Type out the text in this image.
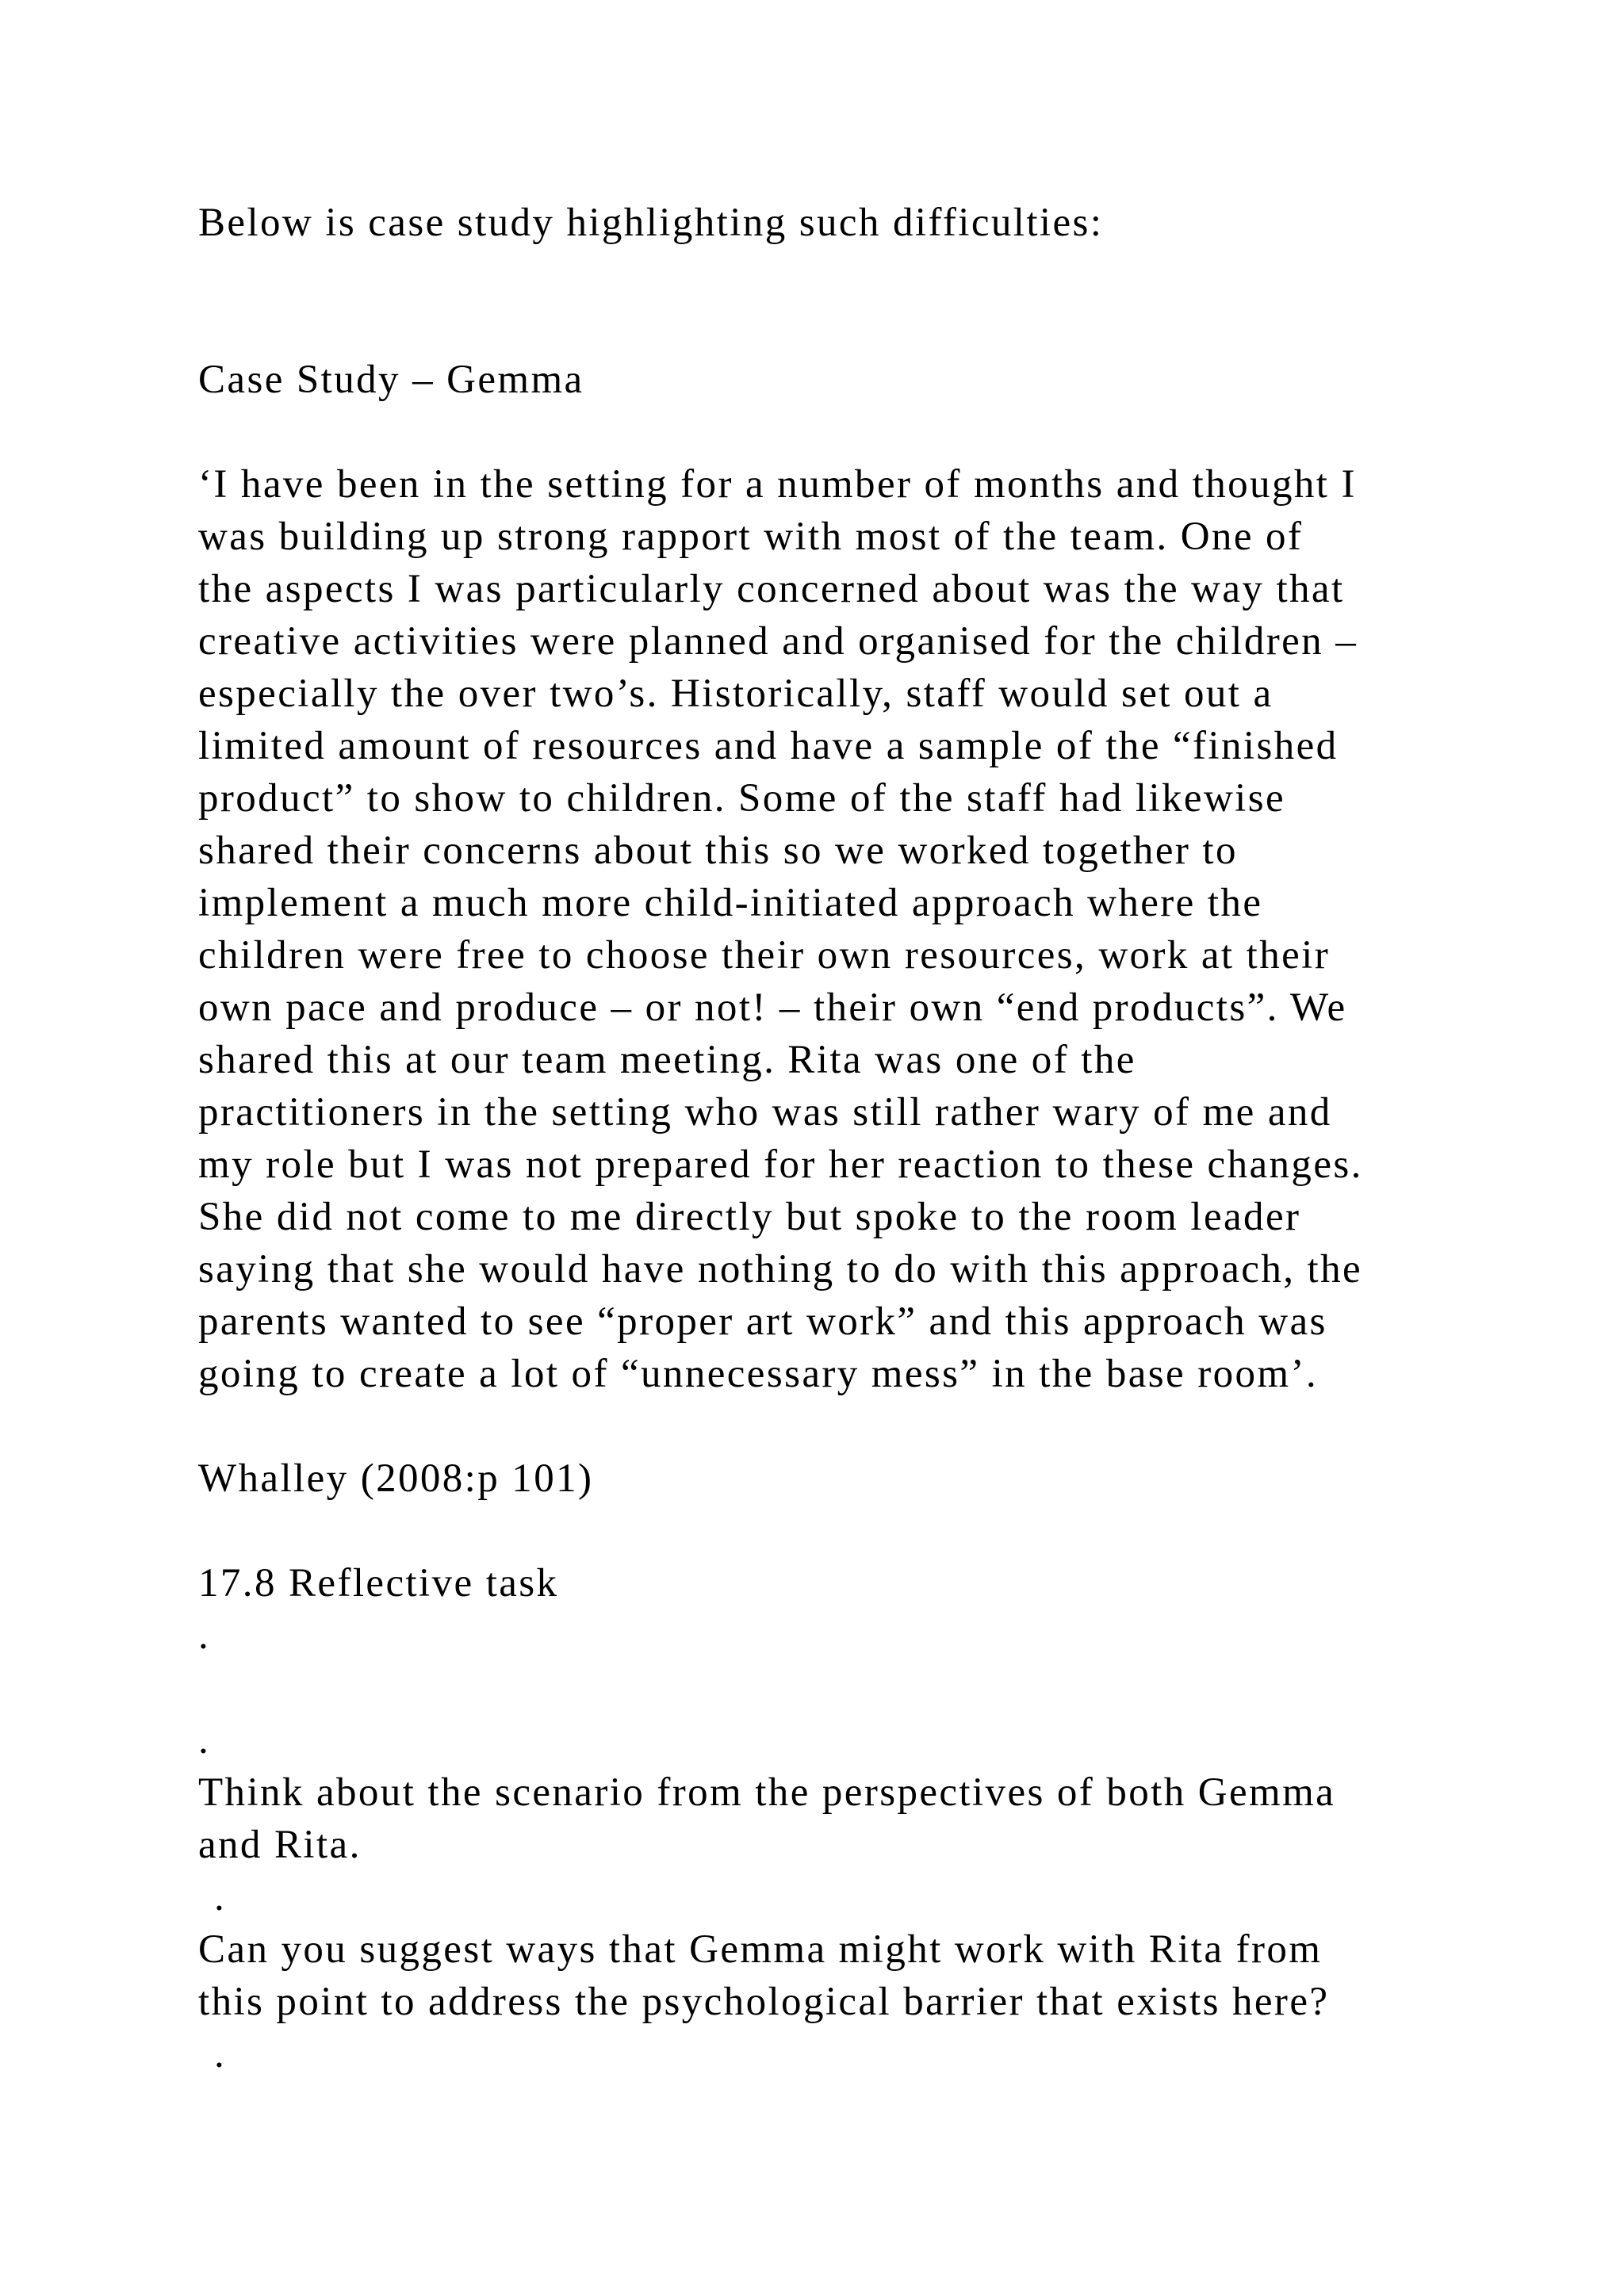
Below is case study highlighting such difficulties:

Case Study – Gemma

‘I have been in the setting for a number of months and thought I

was building up strong rapport with most of the team. One of

the aspects I was particularly concerned about was the way that

creative activities were planned and organised for the children –

especially the over two’s. Historically, staff would set out a

limited amount of resources and have a sample of the “finished

product” to show to children. Some of the staff had likewise

shared their concerns about this so we worked together to

implement a much more child-initiated approach where the

children were free to choose their own resources, work at their

own pace and produce – or not! – their own “end products”. We

shared this at our team meeting. Rita was one of the

practitioners in the setting who was still rather wary of me and

my role but I was not prepared for her reaction to these changes.

She did not come to me directly but spoke to the room leader

saying that she would have nothing to do with this approach, the

parents wanted to see “proper art work” and this approach was

going to create a lot of “unnecessary mess” in the base room’.

Whalley (2008:p 101)

17.8 Reflective task

.

.

Think about the scenario from the perspectives of both Gemma

and Rita.

.

Can you suggest ways that Gemma might work with Rita from

this point to address the psychological barrier that exists here?

.
